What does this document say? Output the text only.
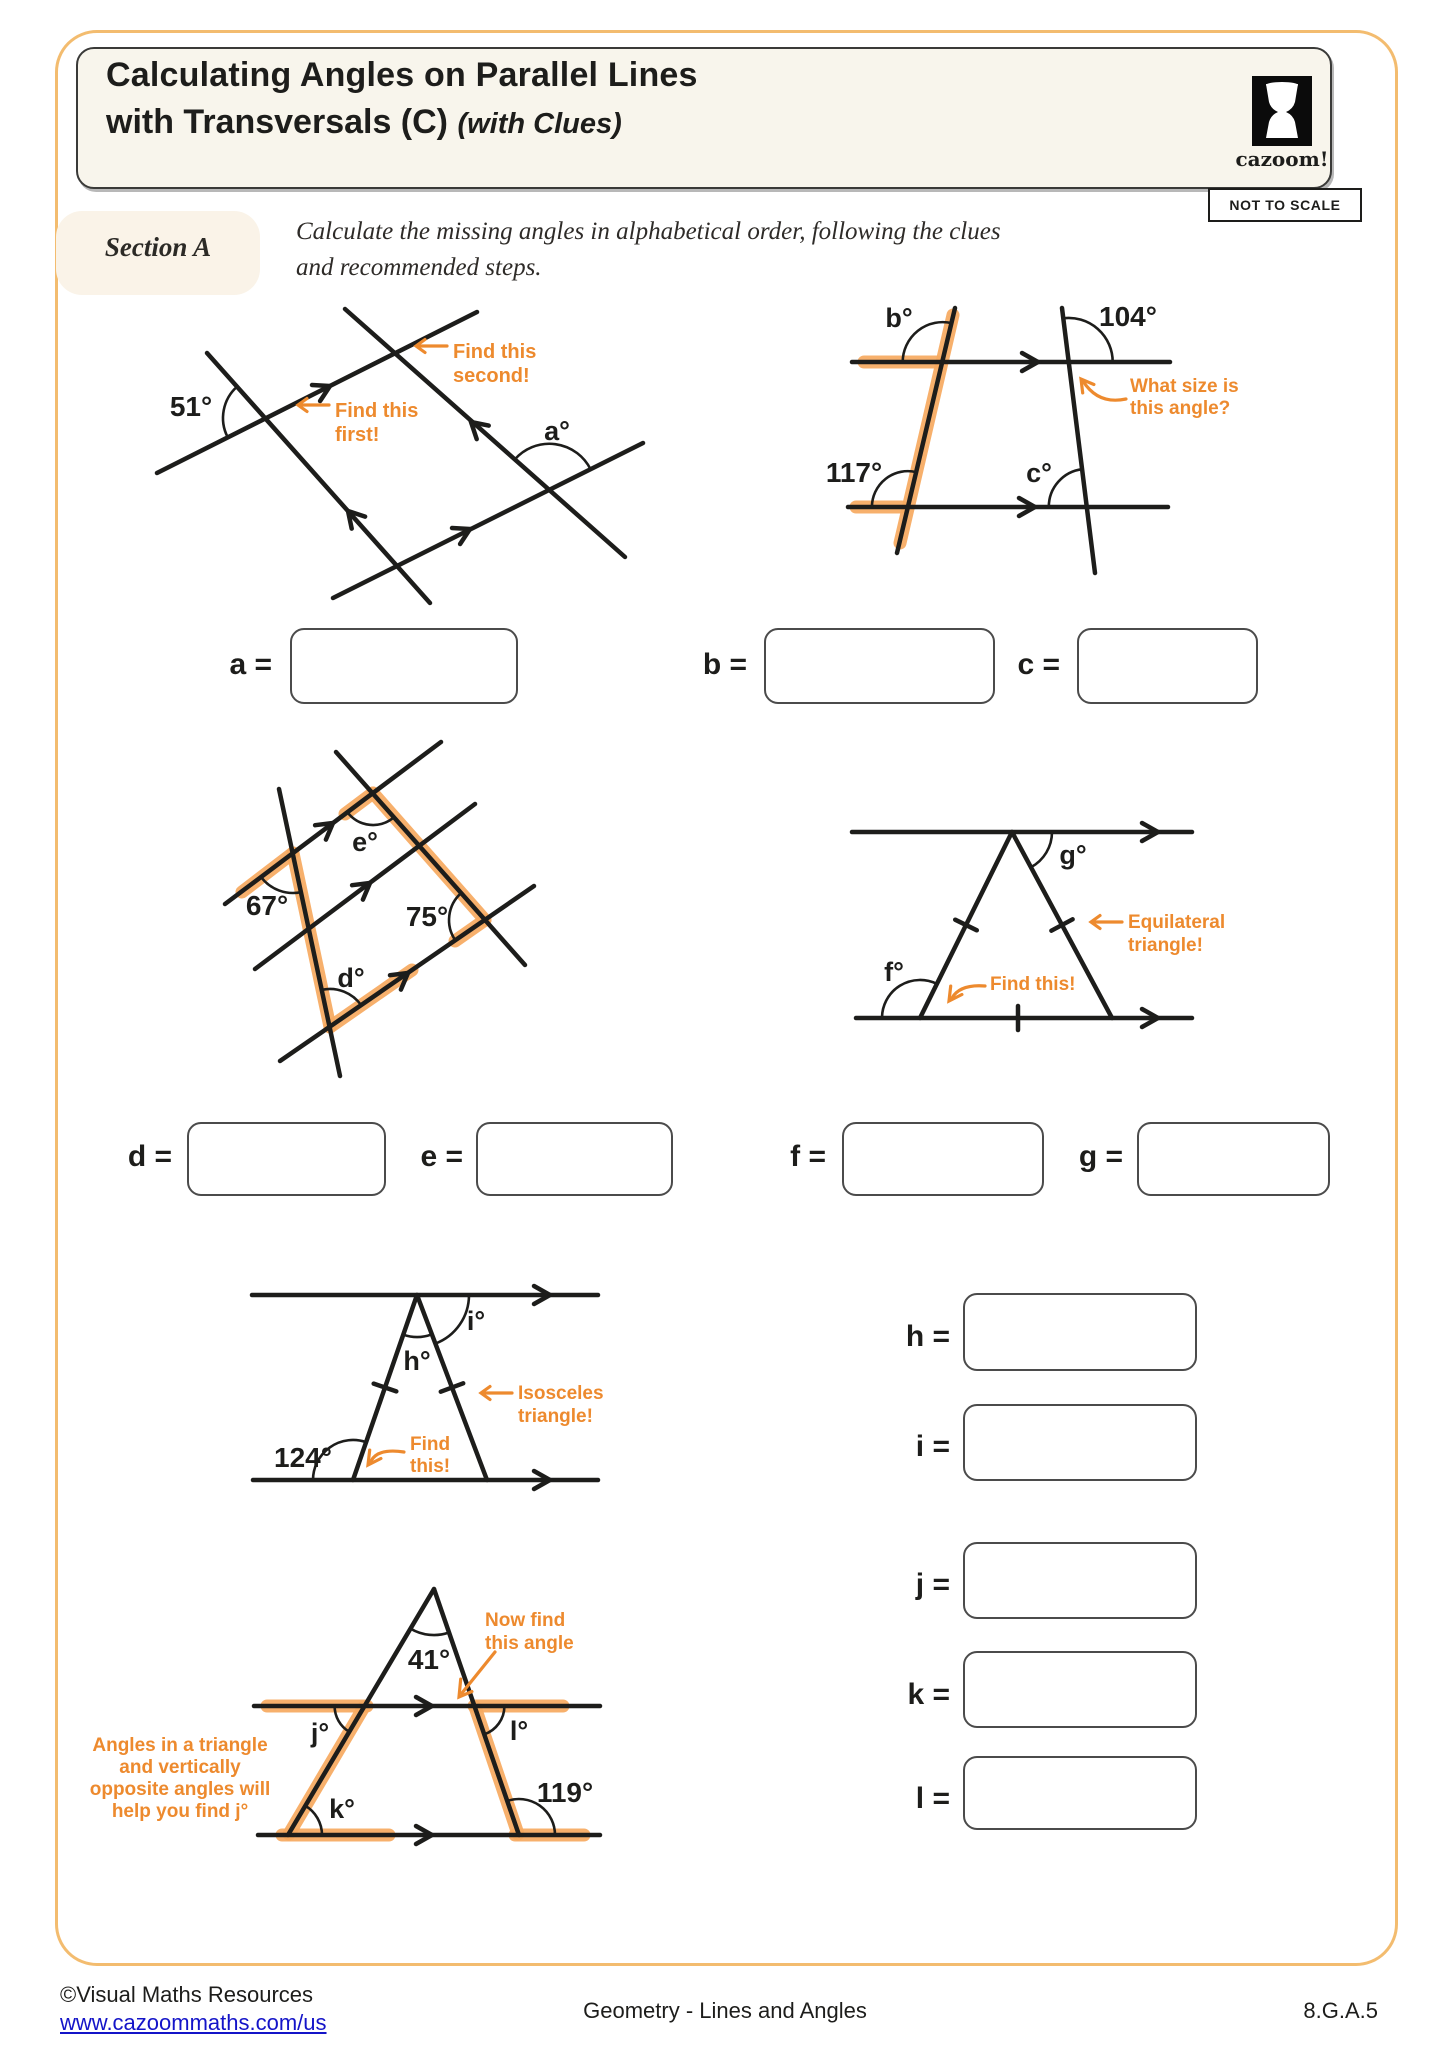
Calculating Angles on Parallel Lines
with Transversals (C) (with Clues)
cazoom!
NOT TO SCALE
Section A
Calculate the missing angles in alphabetical order, following the clues
and recommended steps.
51°
a°
Find this
first!
Find this
second!
b°	104°
117°	c°
What size is
this angle?
a =	b =	c =
67°
e°
75°
d°
g°
f°	Find this!
Equilateral
triangle!
d =	e =	f =	g =
h°
i°
124°	Find
this!
Isosceles
triangle!
41°
j°	l°
k°
119°
Now find
this angle
Angles in a triangle
and vertically
opposite angles will
help you find j°
h =
i =
j =
k =
l =
©Visual Maths Resources
www.cazoommaths.com/us	Geometry - Lines and Angles	8.G.A.5
